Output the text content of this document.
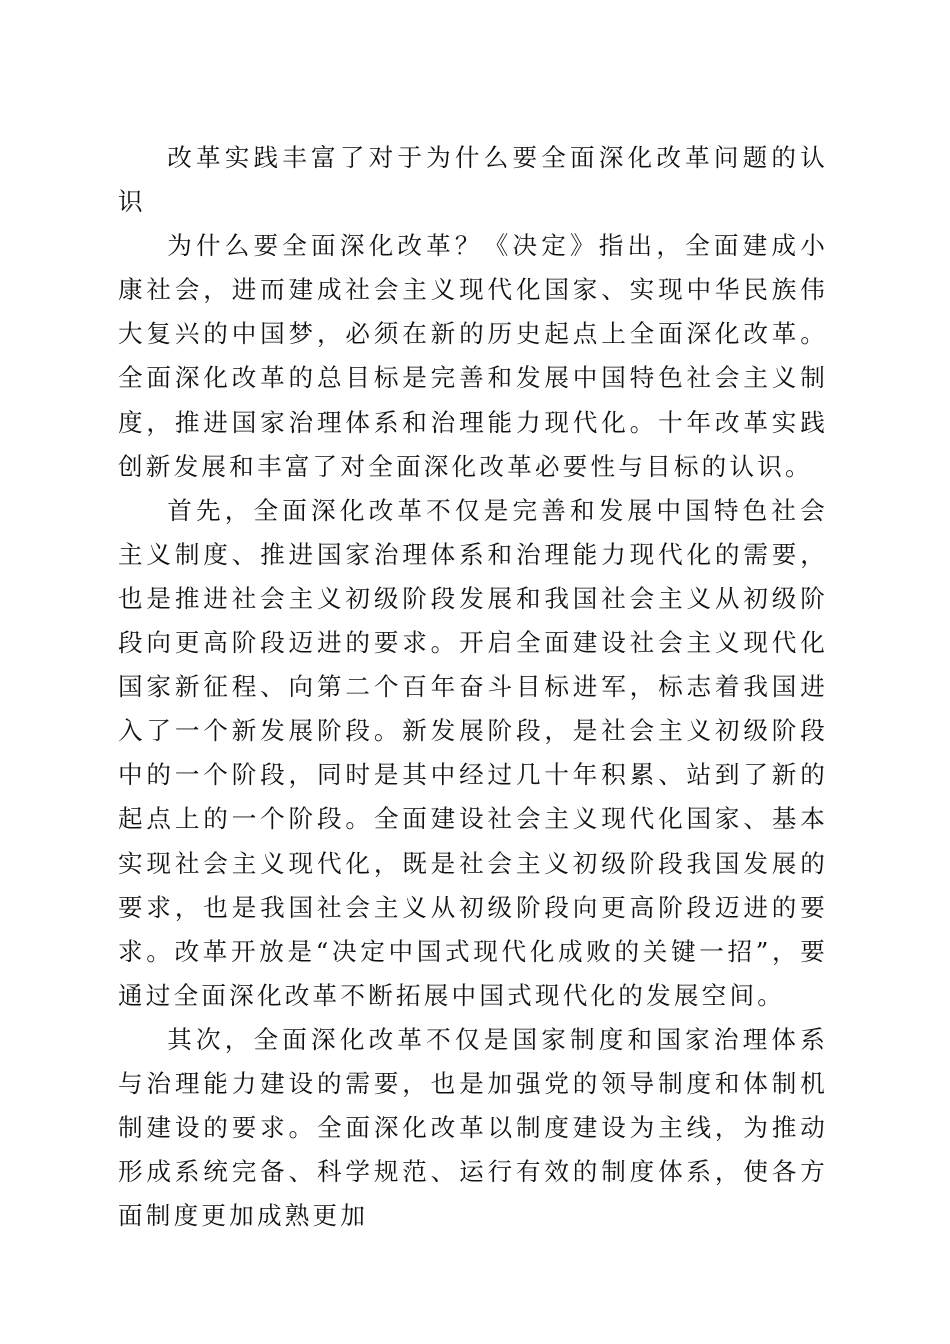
改革实践丰富了对于为什么要全面深化改革问题的认识

为什么要全面深化改革？《决定》指出，全面建成小康社会，进而建成社会主义现代化国家、实现中华民族伟大复兴的中国梦，必须在新的历史起点上全面深化改革。全面深化改革的总目标是完善和发展中国特色社会主义制度，推进国家治理体系和治理能力现代化。十年改革实践创新发展和丰富了对全面深化改革必要性与目标的认识。

首先，全面深化改革不仅是完善和发展中国特色社会主义制度、推进国家治理体系和治理能力现代化的需要，也是推进社会主义初级阶段发展和我国社会主义从初级阶段向更高阶段迈进的要求。开启全面建设社会主义现代化国家新征程、向第二个百年奋斗目标进军，标志着我国进入了一个新发展阶段。新发展阶段，是社会主义初级阶段中的一个阶段，同时是其中经过几十年积累、站到了新的起点上的一个阶段。全面建设社会主义现代化国家、基本实现社会主义现代化，既是社会主义初级阶段我国发展的要求，也是我国社会主义从初级阶段向更高阶段迈进的要求。改革开放是“决定中国式现代化成败的关键一招”，要通过全面深化改革不断拓展中国式现代化的发展空间。

其次，全面深化改革不仅是国家制度和国家治理体系与治理能力建设的需要，也是加强党的领导制度和体制机制建设的要求。全面深化改革以制度建设为主线，为推动形成系统完备、科学规范、运行有效的制度体系，使各方面制度更加成熟更加
